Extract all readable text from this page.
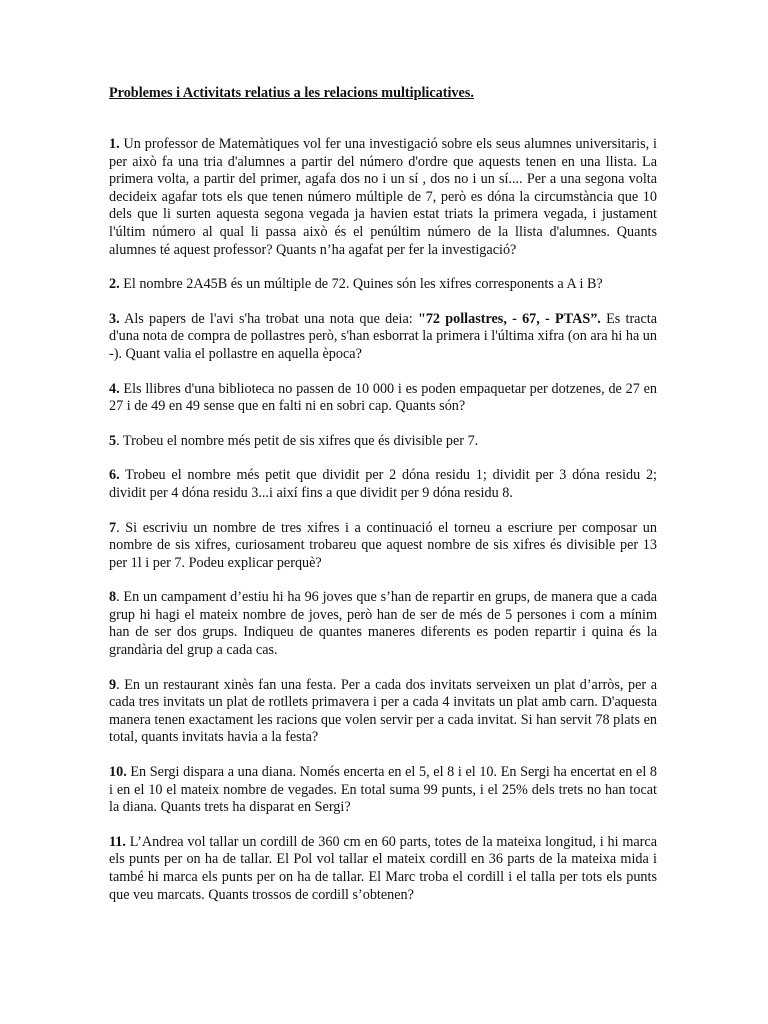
Problemes i Activitats relatius a les relacions multiplicatives.

1. Un professor de Matemàtiques vol fer una investigació sobre els seus alumnes universitaris, i per això fa una tria d'alumnes a partir del número d'ordre que aquests tenen en una llista. La primera volta, a partir del primer, agafa dos no i un sí , dos no i un sí.... Per a una segona volta decideix agafar tots els que tenen número múltiple de 7, però es dóna la circumstància que 10 dels que li surten aquesta segona vegada ja havien estat triats la primera vegada, i justament l'últim número al qual li passa això és el penúltim número de la llista d'alumnes. Quants alumnes té aquest professor? Quants n’ha agafat per fer la investigació?

2. El nombre 2A45B és un múltiple de 72. Quines són les xifres corresponents a A i B?

3. Als papers de l'avi s'ha trobat una nota que deia: "72 pollastres, - 67, - PTAS”. Es tracta d'una nota de compra de pollastres però, s'han esborrat la primera i l'última xifra (on ara hi ha un -). Quant valia el pollastre en aquella època?

4. Els llibres d'una biblioteca no passen de 10 000 i es poden empaquetar per dotzenes, de 27 en 27 i de 49 en 49 sense que en falti ni en sobri cap. Quants són?

5. Trobeu el nombre més petit de sis xifres que és divisible per 7.

6. Trobeu el nombre més petit que dividit per 2 dóna residu 1; dividit per 3 dóna residu 2; dividit per 4 dóna residu 3...i així fins a que dividit per 9 dóna residu 8.

7. Si escriviu un nombre de tres xifres i a continuació el torneu a escriure per composar un nombre de sis xifres, curiosament trobareu que aquest nombre de sis xifres és divisible per 13 per 1l i per 7. Podeu explicar perquè?

8. En un campament d’estiu hi ha 96 joves que s’han de repartir en grups, de manera que a cada grup hi hagi el mateix nombre de joves, però han de ser de més de 5 persones i com a mínim han de ser dos grups. Indiqueu de quantes maneres diferents es poden repartir i quina és la grandària del grup a cada cas.

9. En un restaurant xinès fan una festa. Per a cada dos invitats serveixen un plat d’arròs, per a cada tres invitats un plat de rotllets primavera i per a cada 4 invitats un plat amb carn. D'aquesta manera tenen exactament les racions que volen servir per a cada invitat. Si han servit 78 plats en total, quants invitats havia a la festa?

10. En Sergi dispara a una diana. Només encerta en el 5, el 8 i el 10. En Sergi ha encertat en el 8 i en el 10 el mateix nombre de vegades. En total suma 99 punts, i el 25% dels trets no han tocat la diana. Quants trets ha disparat en Sergi?

11. L’Andrea vol tallar un cordill de 360 cm en 60 parts, totes de la mateixa longitud, i hi marca els punts per on ha de tallar. El Pol vol tallar el mateix cordill en 36 parts de la mateixa mida i també hi marca els punts per on ha de tallar. El Marc troba el cordill i el talla per tots els punts que veu marcats. Quants trossos de cordill s’obtenen?
